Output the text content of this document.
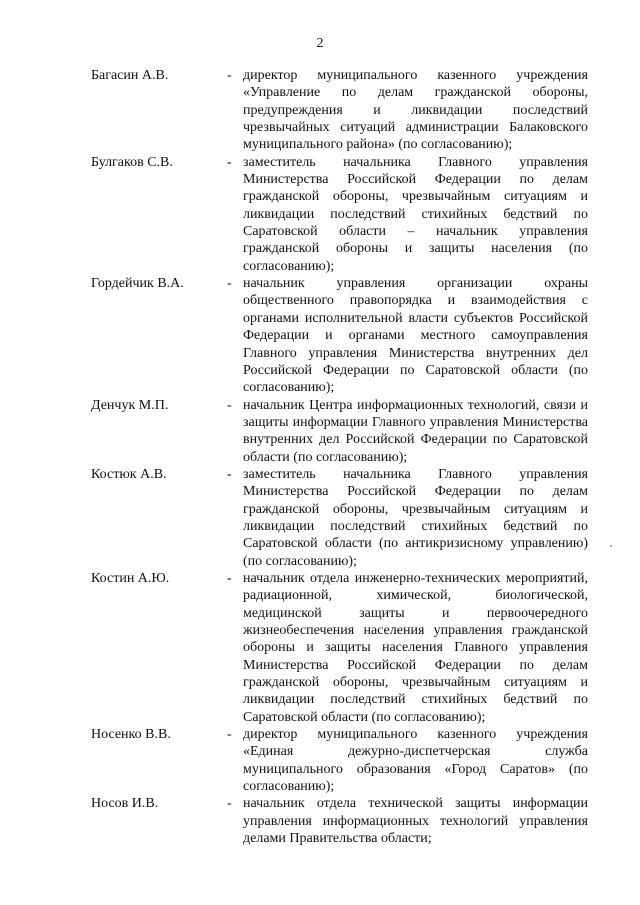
2
Багасин А.В.	- директор муниципального казенного учреждения «Управление по делам гражданской обороны, предупреждения и ликвидации последствий чрезвычайных ситуаций администрации Балаковского муниципального района» (по согласованию);
Булгаков С.В.	- заместитель начальника Главного управления Министерства Российской Федерации по делам гражданской обороны, чрезвычайным ситуациям и ликвидации последствий стихийных бедствий по Саратовской области – начальник управления гражданской обороны и защиты населения (по согласованию);
Гордейчик В.А.	- начальник управления организации охраны общественного правопорядка и взаимодействия с органами исполнительной власти субъектов Российской Федерации и органами местного самоуправления Главного управления Министерства внутренних дел Российской Федерации по Саратовской области (по согласованию);
Денчук М.П.	- начальник Центра информационных технологий, связи и защиты информации Главного управления Министерства внутренних дел Российской Федерации по Саратовской области (по согласованию);
Костюк А.В.	- заместитель начальника Главного управления Министерства Российской Федерации по делам гражданской обороны, чрезвычайным ситуациям и ликвидации последствий стихийных бедствий по Саратовской области (по антикризисному управлению) (по согласованию);
Костин А.Ю.	- начальник отдела инженерно-технических мероприятий, радиационной, химической, биологической, медицинской защиты и первоочередного жизнеобеспечения населения управления гражданской обороны и защиты населения Главного управления Министерства Российской Федерации по делам гражданской обороны, чрезвычайным ситуациям и ликвидации последствий стихийных бедствий по Саратовской области (по согласованию);
Носенко В.В.	- директор муниципального казенного учреждения «Единая дежурно-диспетчерская служба муниципального образования «Город Саратов» (по согласованию);
Носов И.В.	- начальник отдела технической защиты информации управления информационных технологий управления делами Правительства области;
